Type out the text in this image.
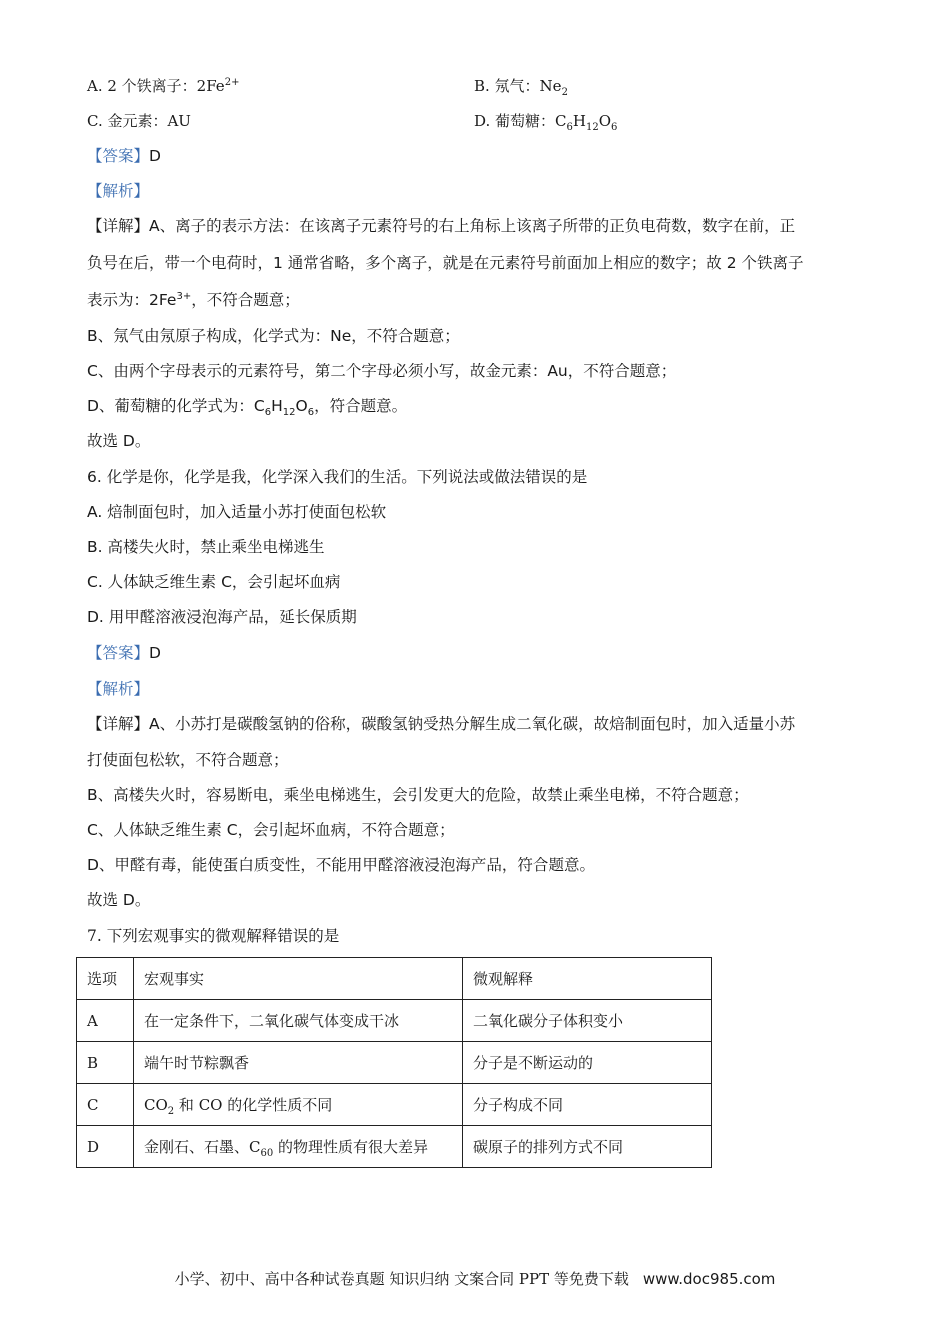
A. 2 个铁离子：$2Fe^{2+}$	B. 氖气：$Ne_2$
C. 金元素：AU	D. 葡萄糖：$C_6H_{12}O_6$
【答案】D
【解析】
【详解】A、离子的表示方法：在该离子元素符号的右上角标上该离子所带的正负电荷数，数字在前，正
负号在后，带一个电荷时，1 通常省略，多个离子，就是在元素符号前面加上相应的数字；故 2 个铁离子
表示为：$2Fe^{3+}$，不符合题意；
B、氖气由氖原子构成，化学式为：Ne，不符合题意；
C、由两个字母表示的元素符号，第二个字母必须小写，故金元素：Au，不符合题意；
D、葡萄糖的化学式为：$C_6H_{12}O_6$，符合题意。
故选 D。
6. 化学是你，化学是我，化学深入我们的生活。下列说法或做法错误的是
A. 焙制面包时，加入适量小苏打使面包松软
B. 高楼失火时，禁止乘坐电梯逃生
C. 人体缺乏维生素 C，会引起坏血病
D. 用甲醛溶液浸泡海产品，延长保质期
【答案】D
【解析】
【详解】A、小苏打是碳酸氢钠的俗称，碳酸氢钠受热分解生成二氧化碳，故焙制面包时，加入适量小苏
打使面包松软，不符合题意；
B、高楼失火时，容易断电，乘坐电梯逃生，会引发更大的危险，故禁止乘坐电梯，不符合题意；
C、人体缺乏维生素 C，会引起坏血病，不符合题意；
D、甲醛有毒，能使蛋白质变性，不能用甲醛溶液浸泡海产品，符合题意。
故选 D。
7. 下列宏观事实的微观解释错误的是
选项	宏观事实	微观解释
A	在一定条件下，二氧化碳气体变成干冰	二氧化碳分子体积变小
B	端午时节粽飘香	分子是不断运动的
C	$CO_2$ 和 CO 的化学性质不同	分子构成不同
D	金刚石、石墨、$C_{60}$ 的物理性质有很大差异	碳原子的排列方式不同
小学、初中、高中各种试卷真题 知识归纳 文案合同 PPT 等免费下载 www.doc985.com
